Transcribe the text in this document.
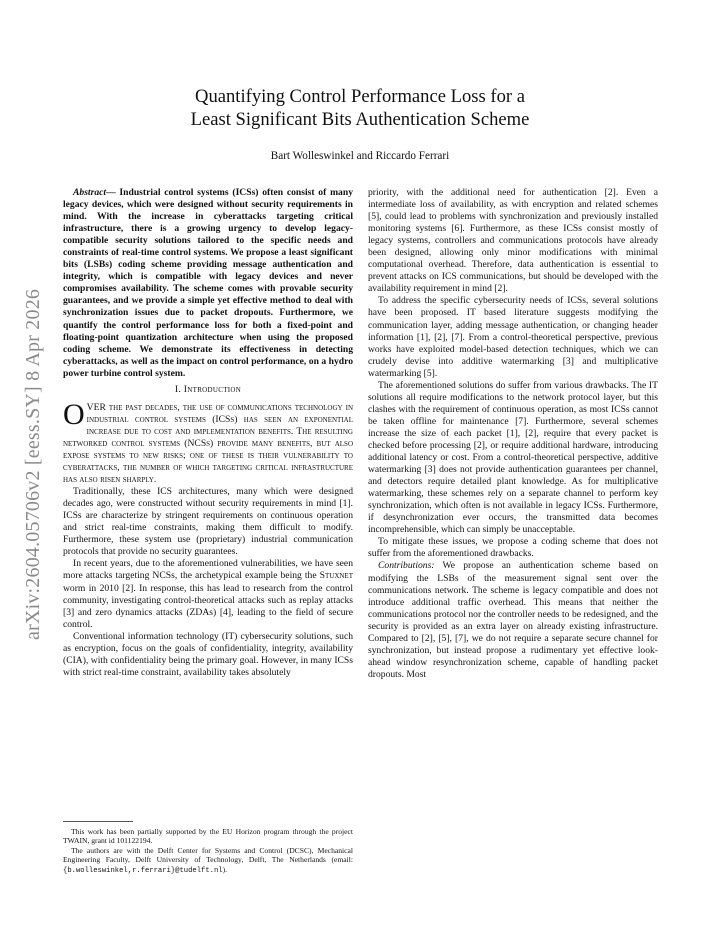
arXiv:2604.05706v2 [eess.SY] 8 Apr 2026
Quantifying Control Performance Loss for a
Least Significant Bits Authentication Scheme
Bart Wolleswinkel and Riccardo Ferrari

Abstract— Industrial control systems (ICSs) often consist of many legacy devices, which were designed without security requirements in mind. With the increase in cyberattacks targeting critical infrastructure, there is a growing urgency to develop legacy-compatible security solutions tailored to the specific needs and constraints of real-time control systems. We propose a least significant bits (LSBs) coding scheme providing message authentication and integrity, which is compatible with legacy devices and never compromises availability. The scheme comes with provable security guarantees, and we provide a simple yet effective method to deal with synchronization issues due to packet dropouts. Furthermore, we quantify the control performance loss for both a fixed-point and floating-point quantization architecture when using the proposed coding scheme. We demonstrate its effectiveness in detecting cyberattacks, as well as the impact on control performance, on a hydro power turbine control system.

I. Introduction

OVER the past decades, the use of communications technology in industrial control systems (ICSs) has seen an exponential increase due to cost and implementation benefits. The resulting networked control systems (NCSs) provide many benefits, but also expose systems to new risks; one of these is their vulnerability to cyberattacks, the number of which targeting critical infrastructure has also risen sharply.

Traditionally, these ICS architectures, many which were designed decades ago, were constructed without security requirements in mind [1]. ICSs are characterize by stringent requirements on continuous operation and strict real-time constraints, making them difficult to modify. Furthermore, these system use (proprietary) industrial communication protocols that provide no security guarantees.

In recent years, due to the aforementioned vulnerabilities, we have seen more attacks targeting NCSs, the archetypical example being the Stuxnet worm in 2010 [2]. In response, this has lead to research from the control community, investigating control-theoretical attacks such as replay attacks [3] and zero dynamics attacks (ZDAs) [4], leading to the field of secure control.

Conventional information technology (IT) cybersecurity solutions, such as encryption, focus on the goals of confidentiality, integrity, availability (CIA), with confidentiality being the primary goal. However, in many ICSs with strict real-time constraint, availability takes absolutely

This work has been partially supported by the EU Horizon program through the project TWAIN, grant id 101122194.

The authors are with the Delft Center for Systems and Control (DCSC), Mechanical Engineering Faculty, Delft University of Technology, Delft, The Netherlands (email:{b.wolleswinkel,r.ferrari}@tudelft.nl).

priority, with the additional need for authentication [2]. Even a intermediate loss of availability, as with encryption and related schemes [5], could lead to problems with synchronization and previously installed monitoring systems [6]. Furthermore, as these ICSs consist mostly of legacy systems, controllers and communications protocols have already been designed, allowing only minor modifications with minimal computational overhead. Therefore, data authentication is essential to prevent attacks on ICS communications, but should be developed with the availability requirement in mind [2].

To address the specific cybersecurity needs of ICSs, several solutions have been proposed. IT based literature suggests modifying the communication layer, adding message authentication, or changing header information [1], [2], [7]. From a control-theoretical perspective, previous works have exploited model-based detection techniques, which we can crudely devise into additive watermarking [3] and multiplicative watermarking [5].

The aforementioned solutions do suffer from various drawbacks. The IT solutions all require modifications to the network protocol layer, but this clashes with the requirement of continuous operation, as most ICSs cannot be taken offline for maintenance [7]. Furthermore, several schemes increase the size of each packet [1], [2], require that every packet is checked before processing [2], or require additional hardware, introducing additional latency or cost. From a control-theoretical perspective, additive watermarking [3] does not provide authentication guarantees per channel, and detectors require detailed plant knowledge. As for multiplicative watermarking, these schemes rely on a separate channel to perform key synchronization, which often is not available in legacy ICSs. Furthermore, if desynchronization ever occurs, the transmitted data becomes incomprehensible, which can simply be unacceptable.

To mitigate these issues, we propose a coding scheme that does not suffer from the aforementioned drawbacks.

Contributions: We propose an authentication scheme based on modifying the LSBs of the measurement signal sent over the communications network. The scheme is legacy compatible and does not introduce additional traffic overhead. This means that neither the communications protocol nor the controller needs to be redesigned, and the security is provided as an extra layer on already existing infrastructure. Compared to [2], [5], [7], we do not require a separate secure channel for synchronization, but instead propose a rudimentary yet effective look-ahead window resynchronization scheme, capable of handling packet dropouts. Most
